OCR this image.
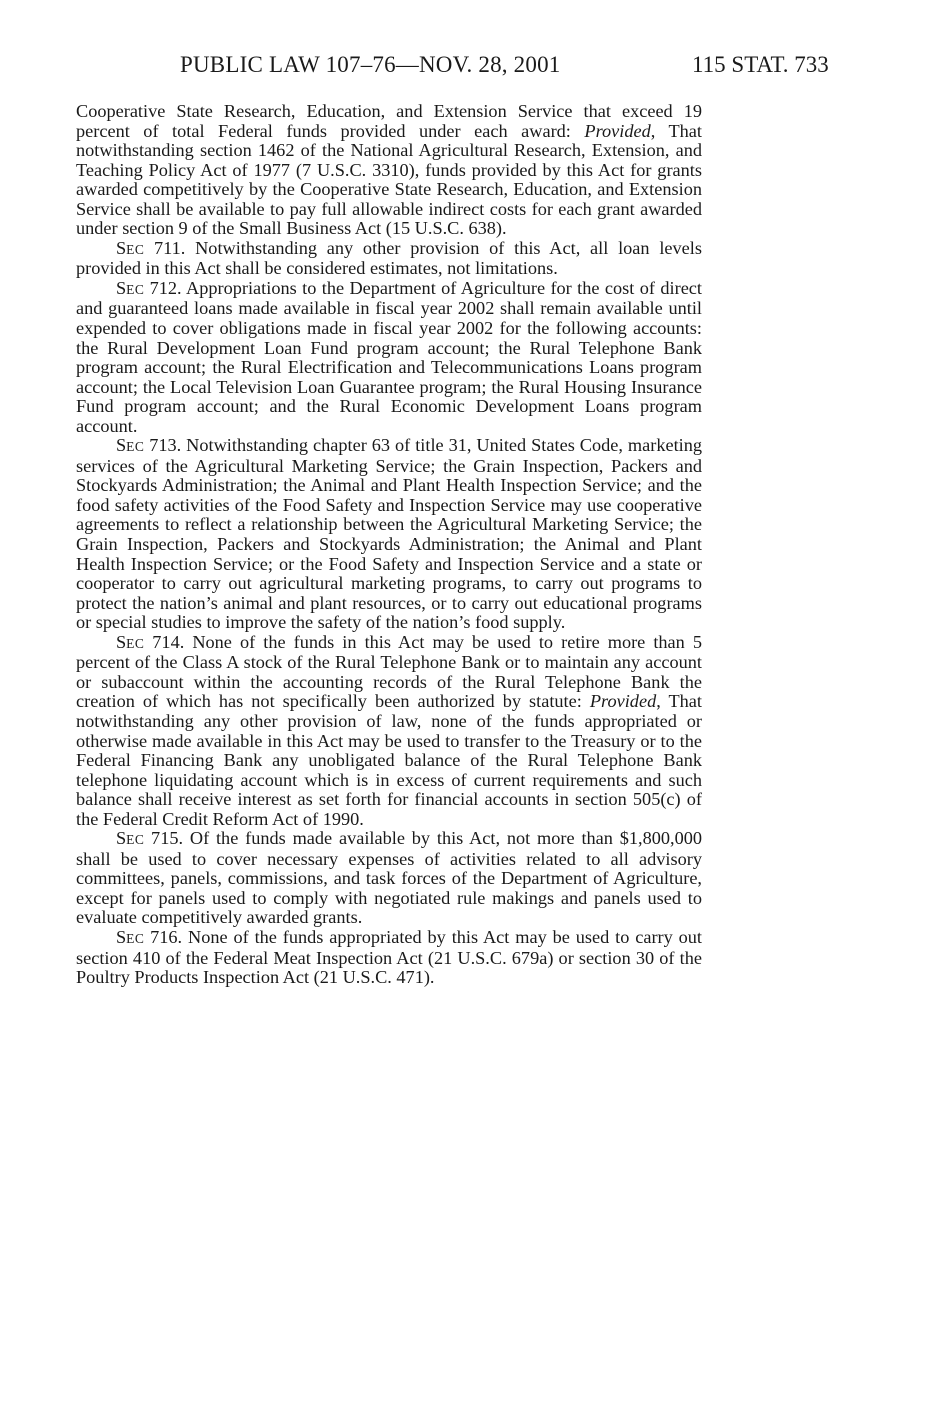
PUBLIC LAW 107–76—NOV. 28, 2001	115 STAT. 733

Cooperative State Research, Education, and Extension Service that exceed 19 percent of total Federal funds provided under each award: Provided, That notwithstanding section 1462 of the National Agricultural Research, Extension, and Teaching Policy Act of 1977 (7 U.S.C. 3310), funds provided by this Act for grants awarded competitively by the Cooperative State Research, Education, and Extension Service shall be available to pay full allowable indirect costs for each grant awarded under section 9 of the Small Business Act (15 U.S.C. 638).

SEC 711. Notwithstanding any other provision of this Act, all loan levels provided in this Act shall be considered estimates, not limitations.

SEC 712. Appropriations to the Department of Agriculture for the cost of direct and guaranteed loans made available in fiscal year 2002 shall remain available until expended to cover obligations made in fiscal year 2002 for the following accounts: the Rural Development Loan Fund program account; the Rural Telephone Bank program account; the Rural Electrification and Telecommunications Loans program account; the Local Television Loan Guarantee program; the Rural Housing Insurance Fund program account; and the Rural Economic Development Loans program account.

SEC 713. Notwithstanding chapter 63 of title 31, United States Code, marketing services of the Agricultural Marketing Service; the Grain Inspection, Packers and Stockyards Administration; the Animal and Plant Health Inspection Service; and the food safety activities of the Food Safety and Inspection Service may use cooperative agreements to reflect a relationship between the Agricultural Marketing Service; the Grain Inspection, Packers and Stockyards Administration; the Animal and Plant Health Inspection Service; or the Food Safety and Inspection Service and a state or cooperator to carry out agricultural marketing programs, to carry out programs to protect the nation’s animal and plant resources, or to carry out educational programs or special studies to improve the safety of the nation’s food supply.

SEC 714. None of the funds in this Act may be used to retire more than 5 percent of the Class A stock of the Rural Telephone Bank or to maintain any account or subaccount within the accounting records of the Rural Telephone Bank the creation of which has not specifically been authorized by statute: Provided, That notwithstanding any other provision of law, none of the funds appropriated or otherwise made available in this Act may be used to transfer to the Treasury or to the Federal Financing Bank any unobligated balance of the Rural Telephone Bank telephone liquidating account which is in excess of current requirements and such balance shall receive interest as set forth for financial accounts in section 505(c) of the Federal Credit Reform Act of 1990.

SEC 715. Of the funds made available by this Act, not more than $1,800,000 shall be used to cover necessary expenses of activities related to all advisory committees, panels, commissions, and task forces of the Department of Agriculture, except for panels used to comply with negotiated rule makings and panels used to evaluate competitively awarded grants.

SEC 716. None of the funds appropriated by this Act may be used to carry out section 410 of the Federal Meat Inspection Act (21 U.S.C. 679a) or section 30 of the Poultry Products Inspection Act (21 U.S.C. 471).
